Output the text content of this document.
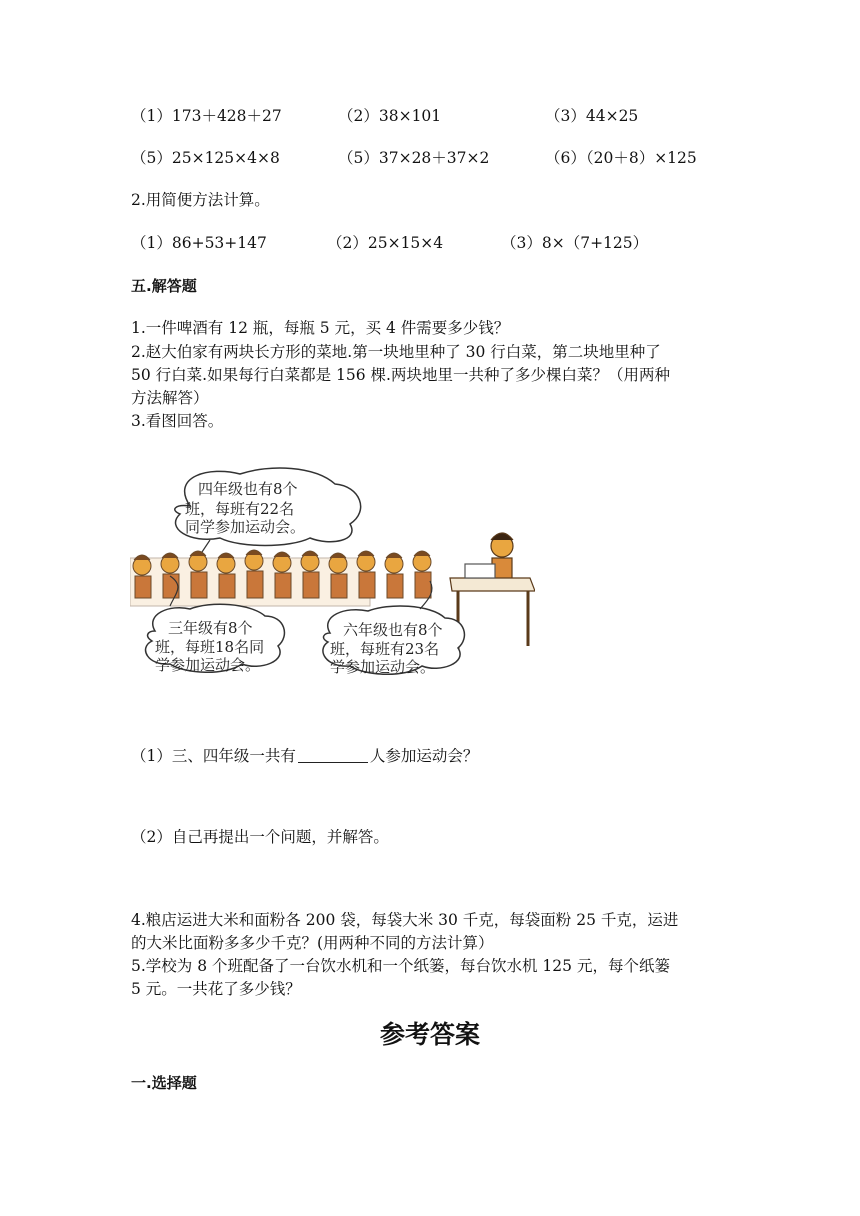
（1）173＋428＋27	（2）38×101	（3）44×25
（5）25×125×4×8	（5）37×28＋37×2	（6）（20＋8）×125
2.用简便方法计算。
（1）86+53+147	（2）25×15×4	（3）8×（7+125）
五.解答题
1.一件啤酒有 12 瓶，每瓶 5 元，买 4 件需要多少钱？
2.赵大伯家有两块长方形的菜地.第一块地里种了 30 行白菜，第二块地里种了
50 行白菜.如果每行白菜都是 156 棵.两块地里一共种了多少棵白菜？（用两种
方法解答）
3.看图回答。
四年级也有8个
班，每班有22名
同学参加运动会。
三年级有8个
班，每班18名同
学参加运动会。
六年级也有8个
班，每班有23名
学参加运动会。
（1）三、四年级一共有	人参加运动会？
（2）自己再提出一个问题，并解答。
4.粮店运进大米和面粉各 200 袋，每袋大米 30 千克，每袋面粉 25 千克，运进
的大米比面粉多多少千克？(用两种不同的方法计算）
5.学校为 8 个班配备了一台饮水机和一个纸篓，每台饮水机 125 元，每个纸篓
5 元。一共花了多少钱？
参考答案
一.选择题
